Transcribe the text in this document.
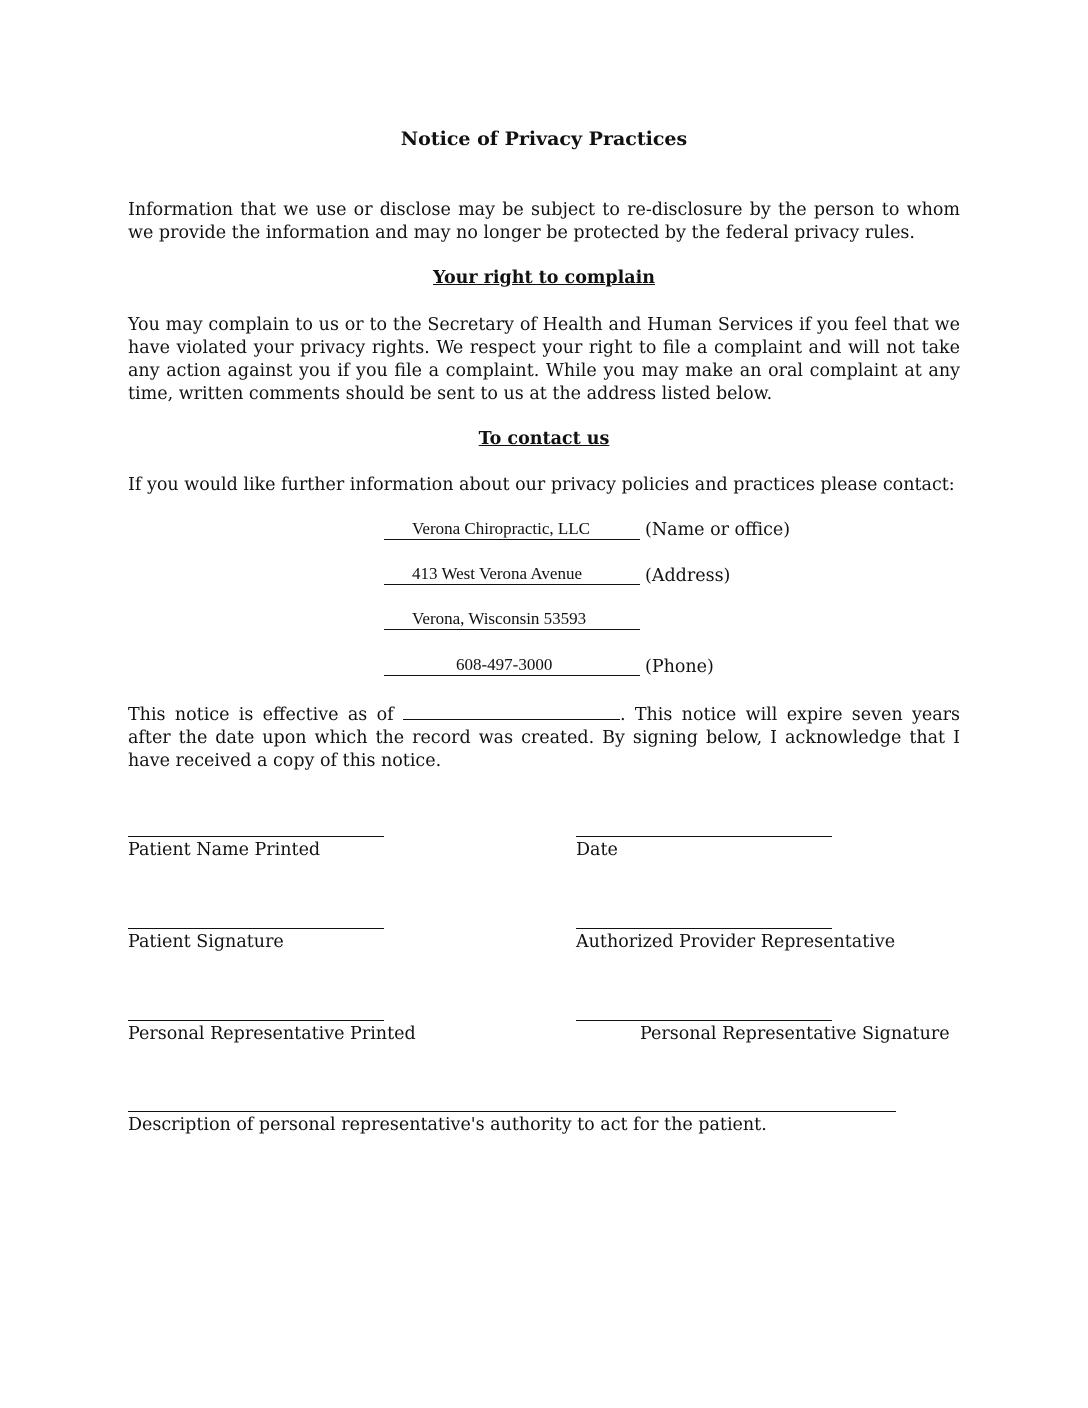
Notice of Privacy Practices
Information that we use or disclose may be subject to re-disclosure by the person to whom we provide the information and may no longer be protected by the federal privacy rules.
Your right to complain
You may complain to us or to the Secretary of Health and Human Services if you feel that we have violated your privacy rights. We respect your right to file a complaint and will not take any action against you if you file a complaint. While you may make an oral complaint at any time, written comments should be sent to us at the address listed below.
To contact us
If you would like further information about our privacy policies and practices please contact:
Verona Chiropractic, LLC	(Name or office)
413 West Verona Avenue	(Address)
Verona, Wisconsin 53593
608-497-3000	(Phone)
This notice is effective as of	. This notice will expire seven years after the date upon which the record was created. By signing below, I acknowledge that I have received a copy of this notice.
Patient Name Printed	Date
Patient Signature	Authorized Provider Representative
Personal Representative Printed	Personal Representative Signature
Description of personal representative's authority to act for the patient.
